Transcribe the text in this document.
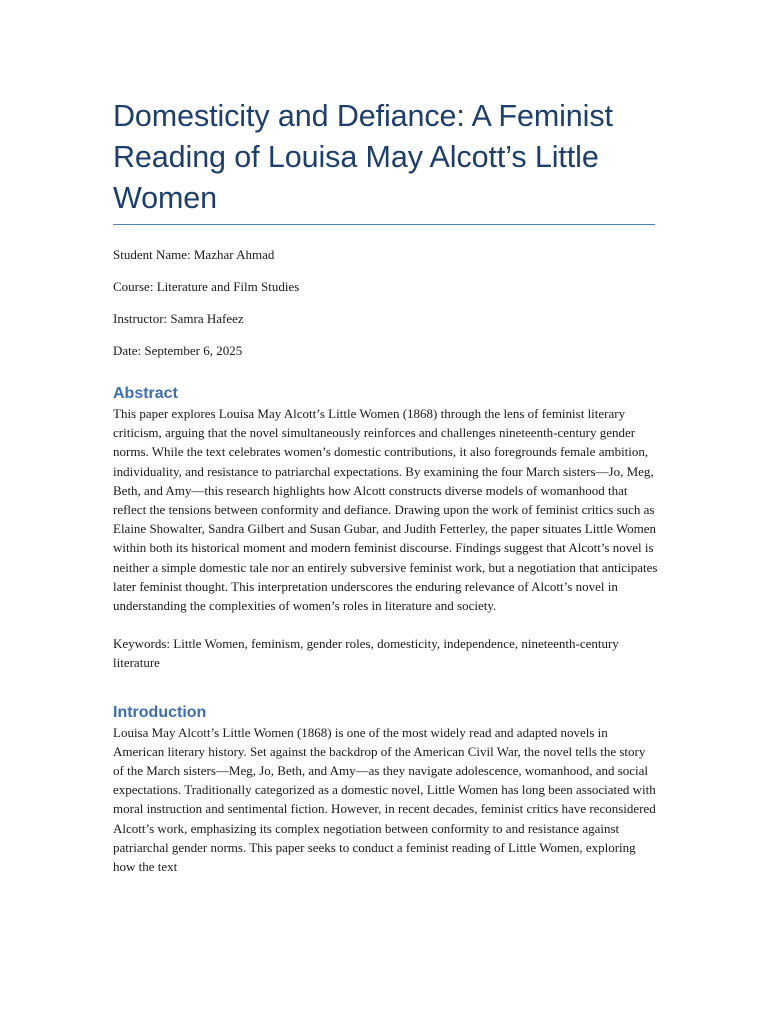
Domesticity and Defiance: A Feminist Reading of Louisa May Alcott’s Little Women

Student Name: Mazhar Ahmad

Course: Literature and Film Studies

Instructor: Samra Hafeez

Date: September 6, 2025

Abstract

This paper explores Louisa May Alcott’s Little Women (1868) through the lens of feminist literary criticism, arguing that the novel simultaneously reinforces and challenges nineteenth-century gender norms. While the text celebrates women’s domestic contributions, it also foregrounds female ambition, individuality, and resistance to patriarchal expectations. By examining the four March sisters—Jo, Meg, Beth, and Amy—this research highlights how Alcott constructs diverse models of womanhood that reflect the tensions between conformity and defiance. Drawing upon the work of feminist critics such as Elaine Showalter, Sandra Gilbert and Susan Gubar, and Judith Fetterley, the paper situates Little Women within both its historical moment and modern feminist discourse. Findings suggest that Alcott’s novel is neither a simple domestic tale nor an entirely subversive feminist work, but a negotiation that anticipates later feminist thought. This interpretation underscores the enduring relevance of Alcott’s novel in understanding the complexities of women’s roles in literature and society.

Keywords: Little Women, feminism, gender roles, domesticity, independence, nineteenth-century literature

Introduction

Louisa May Alcott’s Little Women (1868) is one of the most widely read and adapted novels in American literary history. Set against the backdrop of the American Civil War, the novel tells the story of the March sisters—Meg, Jo, Beth, and Amy—as they navigate adolescence, womanhood, and social expectations. Traditionally categorized as a domestic novel, Little Women has long been associated with moral instruction and sentimental fiction. However, in recent decades, feminist critics have reconsidered Alcott’s work, emphasizing its complex negotiation between conformity to and resistance against patriarchal gender norms. This paper seeks to conduct a feminist reading of Little Women, exploring how the text
